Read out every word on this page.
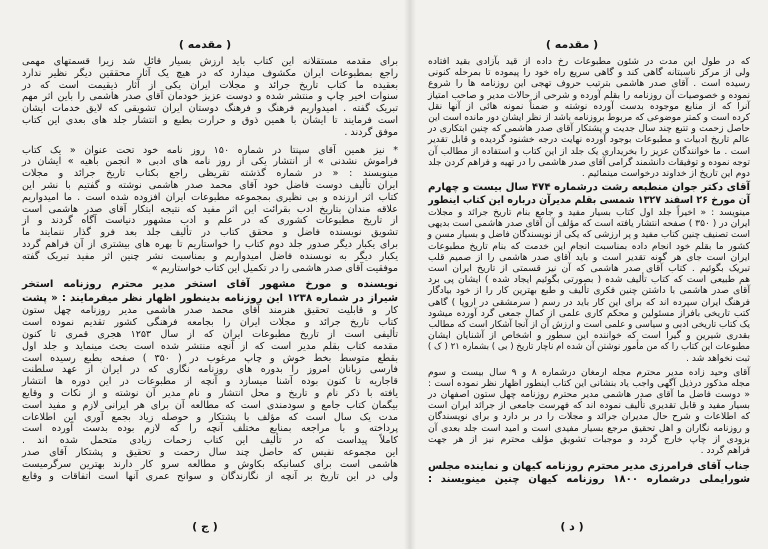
( مقدمه )	( مقدمه )
برای مقدمه مستقلانه این کتاب باید ارزش بسیار قائل شد زیرا قسمتهای مهمی
راجع بمطبوعات ایران مکشوف میدارد که در هیچ یک آثار محققین دیگر نظیر ندارد
بعقیده ما کتاب تاریخ جرائد و مجلات ایران یکی از آثار ذیقیمت است که در
سنوات اخیر چاپ و منتشر شده و دوست عزیز خودمان آقای صدر هاشمی را باین اثر مهم
تبریک گفته . امیدواریم فرهنگ و فرهنگ دوستان ایران تشویقی که لایق خدمات ایشان
است فرمایند تا ایشان با همین ذوق و حرارت بطبع و انتشار جلد های بعدی این کتاب
موفق گردند .
* نیز همین آقای سپنتا در شماره ۱۵۰ روز نامه خود تحت عنوان « یک کتاب
فراموش نشدنی » از انتشار یکی از روز نامه های ادبی « انجمن باهیه » ایشان در
مینویسند : « در شماره گذشته تقریظی راجع بکتاب تاریخ جرائد و مجلات
ایران تألیف دوست فاضل خود آقای محمد صدر هاشمی نوشته و گفتیم با نشر این
کتاب اثر ارزنده و بی نظیری بمجموعه مطبوعات ایران افزوده شده است . ما امیدواریم
علاقه مندان بتاریخ ادب بقرائت این اثر مفید که نتیجه ابتکار آقای صدر هاشمی است
از تاریخ مطبوعات کشوری که در علم و ادب مشهور دنیاست آگاه گردند و از
تشویق نویسنده فاضل و محقق کتاب در تألیف جلد بعد فرو گذار ننمایند ما
برای یکبار دیگر صدور جلد دوم کتاب را خواستاریم تا بهره های بیشتری از آن فراهم گردد
یکبار دیگر به نویسنده فاضل امیدواریم و بمناسبت نشر چنین اثر مفید تبریک گفته
موفقیت آقای صدر هاشمی را در تکمیل این کتاب خواستاریم »
نویسنده و مورخ مشهور آقای استخر مدیر محترم روزنامه استخر
شیراز در شماره ۱۲۳۸ این روزنامه بدینطور اظهار نظر میفرمایند : « پشت
کار و قابلیت تحقیق هنرمند آقای محمد صدر هاشمی مدیر روزنامه چهل ستون
کتاب تاریخ جرائد و مجلات ایران را بجامعه فرهنگی کشور تقدیم نموده است
تألیفی است از تاریخ مطبوعات ایران که از سال ۱۲۵۳ هجری قمری تا کنون
مقدمه کتاب بقلم مدیر است که از آنچه منتشر شده است بحث مینماید و جلد اول
بقطع متوسط بخط خوش و چاپ مرغوب در ( ۳۵۰ ) صفحه بطبع رسیده است
فارسی زبانان امروز را بدوره های روزنامه نگاری که در ایران از عهد سلطنت
قاجاریه تا کنون بوده آشنا میسازد و آنچه از مطبوعات در این دوره ها انتشار
یافته با ذکر نام و تاریخ و محل انتشار و نام مدیر آن نوشته و از نکات و وقایع
بیگمان کتاب جامع و سودمندی است که مطالعه آن برای هر ایرانی لازم و مفید است
مدت یک سال است که مؤلف با پشتکار و حوصله زیاد بجمع آوری این اطلاعات
پرداخته و با مراجعه بمنابع مختلف آنچه را که لازم بوده بدست آورده است
کاملاً پیداست که در تألیف این کتاب زحمات زیادی متحمل شده اند .
این مجموعه نفیس که حاصل چند سال زحمت و تحقیق و پشتکار آقای صدر
هاشمی است برای کسانیکه بکاوش و مطالعه سرو کار دارند بهترین سرگرمیست
ولی در این تاریخ بر آنچه از نگارندگان و سوانح عمری آنها است اتفاقات و وقایع
که در طول این مدت در شئون مطبوعات رخ داده از قید بآزادی بقید افتاده
ولی از مرکز ناسبتانه گاهی کند و گاهی سریع راه خود را پیموده تا بمرحله کنونی
رسیده است . آقای صدر هاشمی بترتیب حروف تهجی این روزنامه ها را شروع
نموده و خصوصیات آن روزنامه را بقلم آورده و شرحی از حالات مدیر و صاحب امتیاز
آنرا که از منابع موجوده بدست آورده نوشته و ضمناً نمونه هائی از آنها نقل
کرده است و کمتر موضوعی که مربوط بروزنامه باشد از نظر ایشان دور مانده است این
حاصل زحمت و تتبع چند سال جدیت و پشتکار آقای صدر هاشمی که چنین ابتکاری در
عالم تاریخ ادبیات و مطبوعات بوجود آورده نهایت درجه خشنود گردیده و قابل تقدیر
است . ما خوانندگان عزیز را بخریداری یک جلد از این کتاب و استفاده از مطالب آن
توجه نموده و توفیقات دانشمند گرامی آقای صدر هاشمی را در تهیه و فراهم کردن جلد
دوم این تاریخ از خداوند درخواست مینمائیم .
آقای دکتر جوان منطبعه رشت درشماره ۴۷۴ سال بیست و چهارم
آن مورخ ۲۶ اسفند ۱۳۲۷ شمسی بقلم مدیرآن درباره این کتاب اینطور
مینویسد : « اخیراً جلد اول کتاب بسیار مفید و جامع بنام تاریخ جرائد و مجلات
ایران در ( ۳۵۰ ) صفحه انتشار یافته است که مؤلف آن آقای صدر هاشمی است بدیهی
است تصنیف چنین کتاب مفید و پر ارزشی که یکی از نویسندگان فاضل و بسیار مسن و
کشور ما بقلم خود انجام داده بمناسبت انجام این خدمت که بنام تاریخ مطبوعات
ایران است جای هر گونه تقدیر است و باید آقای صدر هاشمی را از صمیم قلب
تبریک بگوئیم . کتاب آقای صدر هاشمی که آن نیز قسمتی از تاریخ ایران است
هم طبیعی است که کتاب تألیف شده ( بصورتی بگوئیم ایجاد شده ) ایشان پی برد
آقای صدر هاشمی با داشتن چنین فکری تألیف و طبع بهترین کار را از خود بیادگار
فرهنگ ایران سپرده اند که برای این کار باید در رسم ( سرمشقی در اروپا ) گاهی
کتب تاریخی بافراز مسئولین و محکم کاری علمی از کمال جمعی گرد آورده میشود
یک کتاب تاریخی ادبی و سیاسی و علمی است و ارزش آن از آنجا آشکار است که مطالب
بقدری شیرین و گیرا است که خواننده این سطور و اشخاص از آشنایان ایشان
مطبوعات این کتاب را که من مأمور نوشتن آن شده ام ناچار تاریخ ( بی ) بشماره ۲۱ ( ک )
ثبت نخواهد شد .
آقای وحید زاده مدیر محترم مجله ارمغان درشماره ۸ و ۹ سال بیست و سوم
مجله مذکور درذیل آگهی واجب یاد بنشانی این کتاب اینطور اظهار نظر نموده است :
« دوست فاضل ما آقای صدر هاشمی مدیر محترم روزنامه چهل ستون اصفهان در
بسیار مفید و قابل تقدیری تألیف نموده اند که فهرست جامعی از جرائد ایران است
که اطلاعات و شرح حال مدیران جرائد و مجلات را در بر دارد و برای نویسندگان
و روزنامه نگاران و اهل تحقیق مرجع بسیار مفیدی است و امید است جلد بعدی آن
بزودی از چاپ خارج گردد و موجبات تشویق مؤلف محترم نیز از هر جهت
فراهم گردد .
جناب آقای فرامرزی مدیر محترم روزنامه کیهان و نماینده مجلس
شورایملی درشماره ۱۸۰۰ روزنامه کیهان چنین مینویسند :
( ج )	( د )
